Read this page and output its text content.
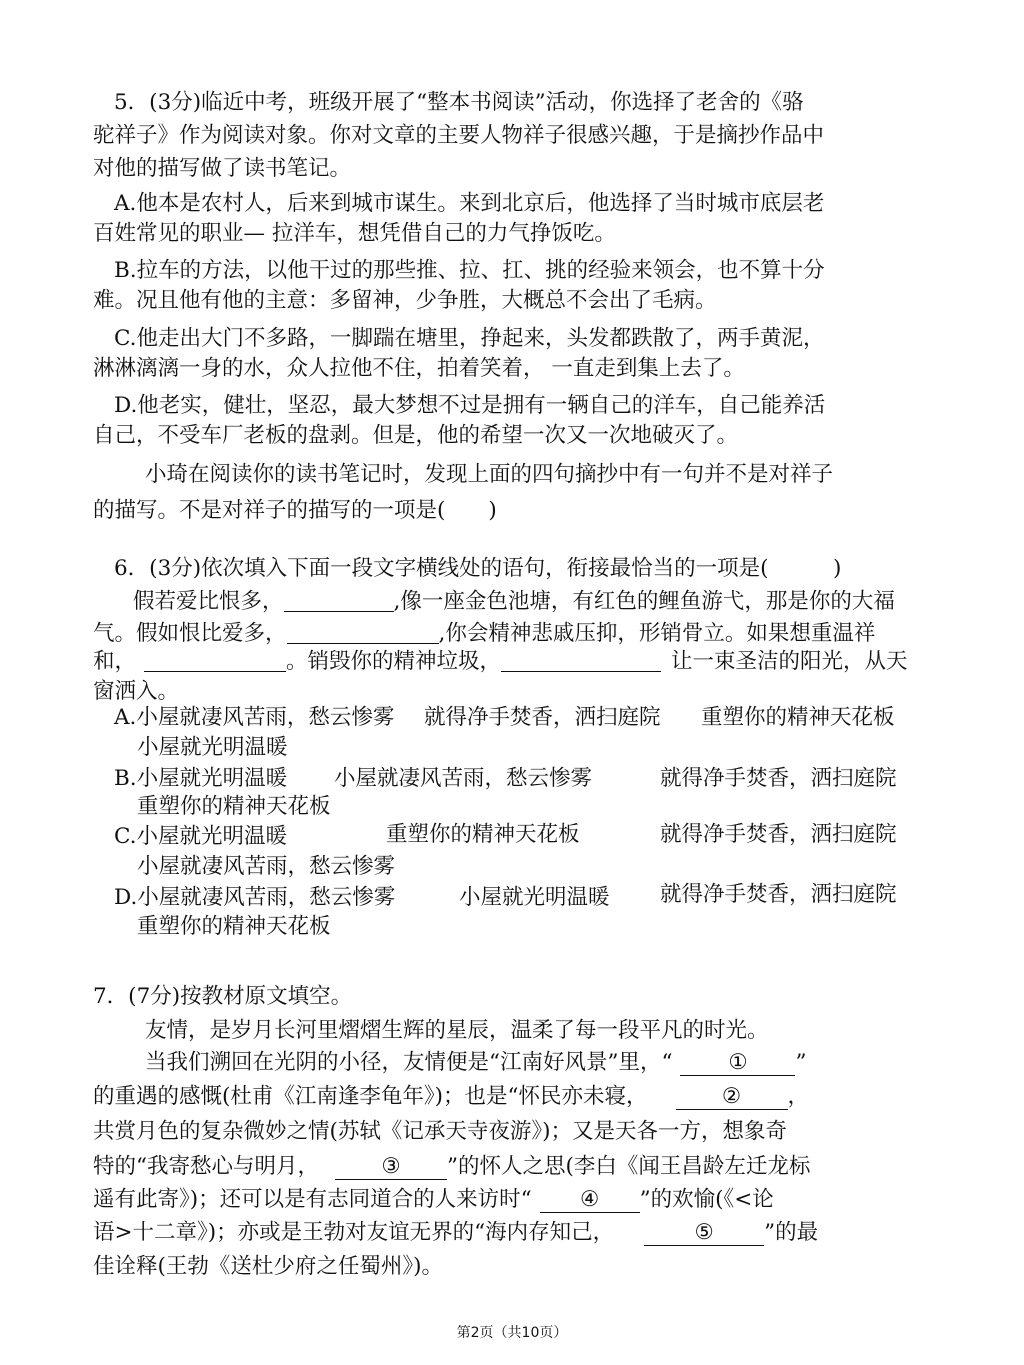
5．(3分)临近中考，班级开展了“整本书阅读”活动，你选择了老舍的《骆
驼祥子》作为阅读对象。你对文章的主要人物祥子很感兴趣，于是摘抄作品中
对他的描写做了读书笔记。
A.他本是农村人，后来到城市谋生。来到北京后，他选择了当时城市底层老
百姓常见的职业— 拉洋车，想凭借自己的力气挣饭吃。
B.拉车的方法，以他干过的那些推、拉、扛、挑的经验来领会，也不算十分
难。况且他有他的主意：多留神，少争胜，大概总不会出了毛病。
C.他走出大门不多路，一脚踹在塘里，挣起来，头发都跌散了，两手黄泥，
淋淋漓漓一身的水，众人拉他不住，拍着笑着， 一直走到集上去了。
D.他老实，健壮，坚忍，最大梦想不过是拥有一辆自己的洋车，自己能养活
自己，不受车厂老板的盘剥。但是，他的希望一次又一次地破灭了。
小琦在阅读你的读书笔记时，发现上面的四句摘抄中有一句并不是对祥子
的描写。不是对祥子的描写的一项是(　　)
6．(3分)依次填入下面一段文字横线处的语句，衔接最恰当的一项是(　　　)
假若爱比恨多，	,像一座金色池塘，有红色的鲤鱼游弋，那是你的大福
气。假如恨比爱多，	,你会精神悲戚压抑，形销骨立。如果想重温祥
和，	。销毁你的精神垃圾，	让一束圣洁的阳光，从天
窗洒入。
A.小屋就凄风苦雨，愁云惨雾 就得净手焚香，洒扫庭院 重塑你的精神天花板
小屋就光明温暖
B.小屋就光明温暖 小屋就凄风苦雨，愁云惨雾	就得净手焚香，洒扫庭院
重塑你的精神天花板
C.小屋就光明温暖	重塑你的精神天花板	就得净手焚香，洒扫庭院
小屋就凄风苦雨，愁云惨雾
D.小屋就凄风苦雨，愁云惨雾	小屋就光明温暖 就得净手焚香，洒扫庭院
重塑你的精神天花板
7．(7分)按教材原文填空。
友情，是岁月长河里熠熠生辉的星辰，温柔了每一段平凡的时光。
当我们溯回在光阴的小径，友情便是“江南好风景”里，“	① ”
的重遇的感慨(杜甫《江南逢李龟年》)；也是“怀民亦未寝，	② ，
共赏月色的复杂微妙之情(苏轼《记承天寺夜游》)；又是天各一方，想象奇
特的“我寄愁心与明月，	③ ”的怀人之思(李白《闻王昌龄左迁龙标
遥有此寄》)；还可以是有志同道合的人来访时“ ④ ”的欢愉(《<论
语>十二章》)；亦或是王勃对友谊无界的“海内存知己，	⑤ ”的最
佳诠释(王勃《送杜少府之任蜀州》)。
第2页（共10页）
